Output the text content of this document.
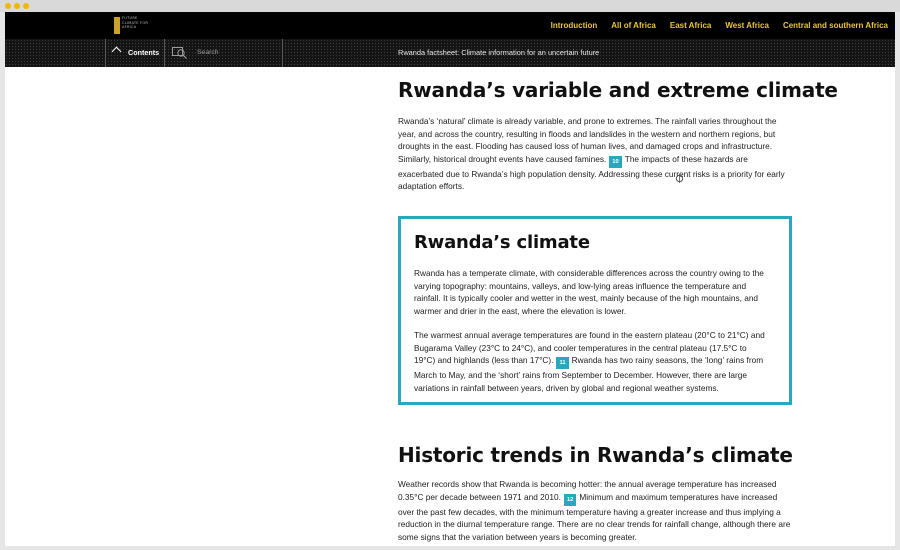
FUTURE CLIMATE FOR AFRICA	Introduction All of Africa East Africa West Africa Central and southern Africa
Contents	Search	Rwanda factsheet: Climate information for an uncertain future
Rwanda’s variable and extreme climate
Rwanda’s ‘natural’ climate is already variable, and prone to extremes. The rainfall varies throughout the year, and across the country, resulting in floods and landslides in the western and northern regions, but droughts in the east. Flooding has caused loss of human lives, and damaged crops and infrastructure. Similarly, historical drought events have caused famines. 10 The impacts of these hazards are exacerbated due to Rwanda’s high population density. Addressing these current risks is a priority for early adaptation efforts.
Rwanda’s climate
Rwanda has a temperate climate, with considerable differences across the country owing to the varying topography: mountains, valleys, and low-lying areas influence the temperature and rainfall. It is typically cooler and wetter in the west, mainly because of the high mountains, and warmer and drier in the east, where the elevation is lower.
The warmest annual average temperatures are found in the eastern plateau (20°C to 21°C) and Bugarama Valley (23°C to 24°C), and cooler temperatures in the central plateau (17.5°C to 19°C) and highlands (less than 17°C). 11 Rwanda has two rainy seasons, the ‘long’ rains from March to May, and the ‘short’ rains from September to December. However, there are large variations in rainfall between years, driven by global and regional weather systems.
Historic trends in Rwanda’s climate
Weather records show that Rwanda is becoming hotter: the annual average temperature has increased 0.35°C per decade between 1971 and 2010. 12 Minimum and maximum temperatures have increased over the past few decades, with the minimum temperature having a greater increase and thus implying a reduction in the diurnal temperature range. There are no clear trends for rainfall change, although there are some signs that the variation between years is becoming greater.
